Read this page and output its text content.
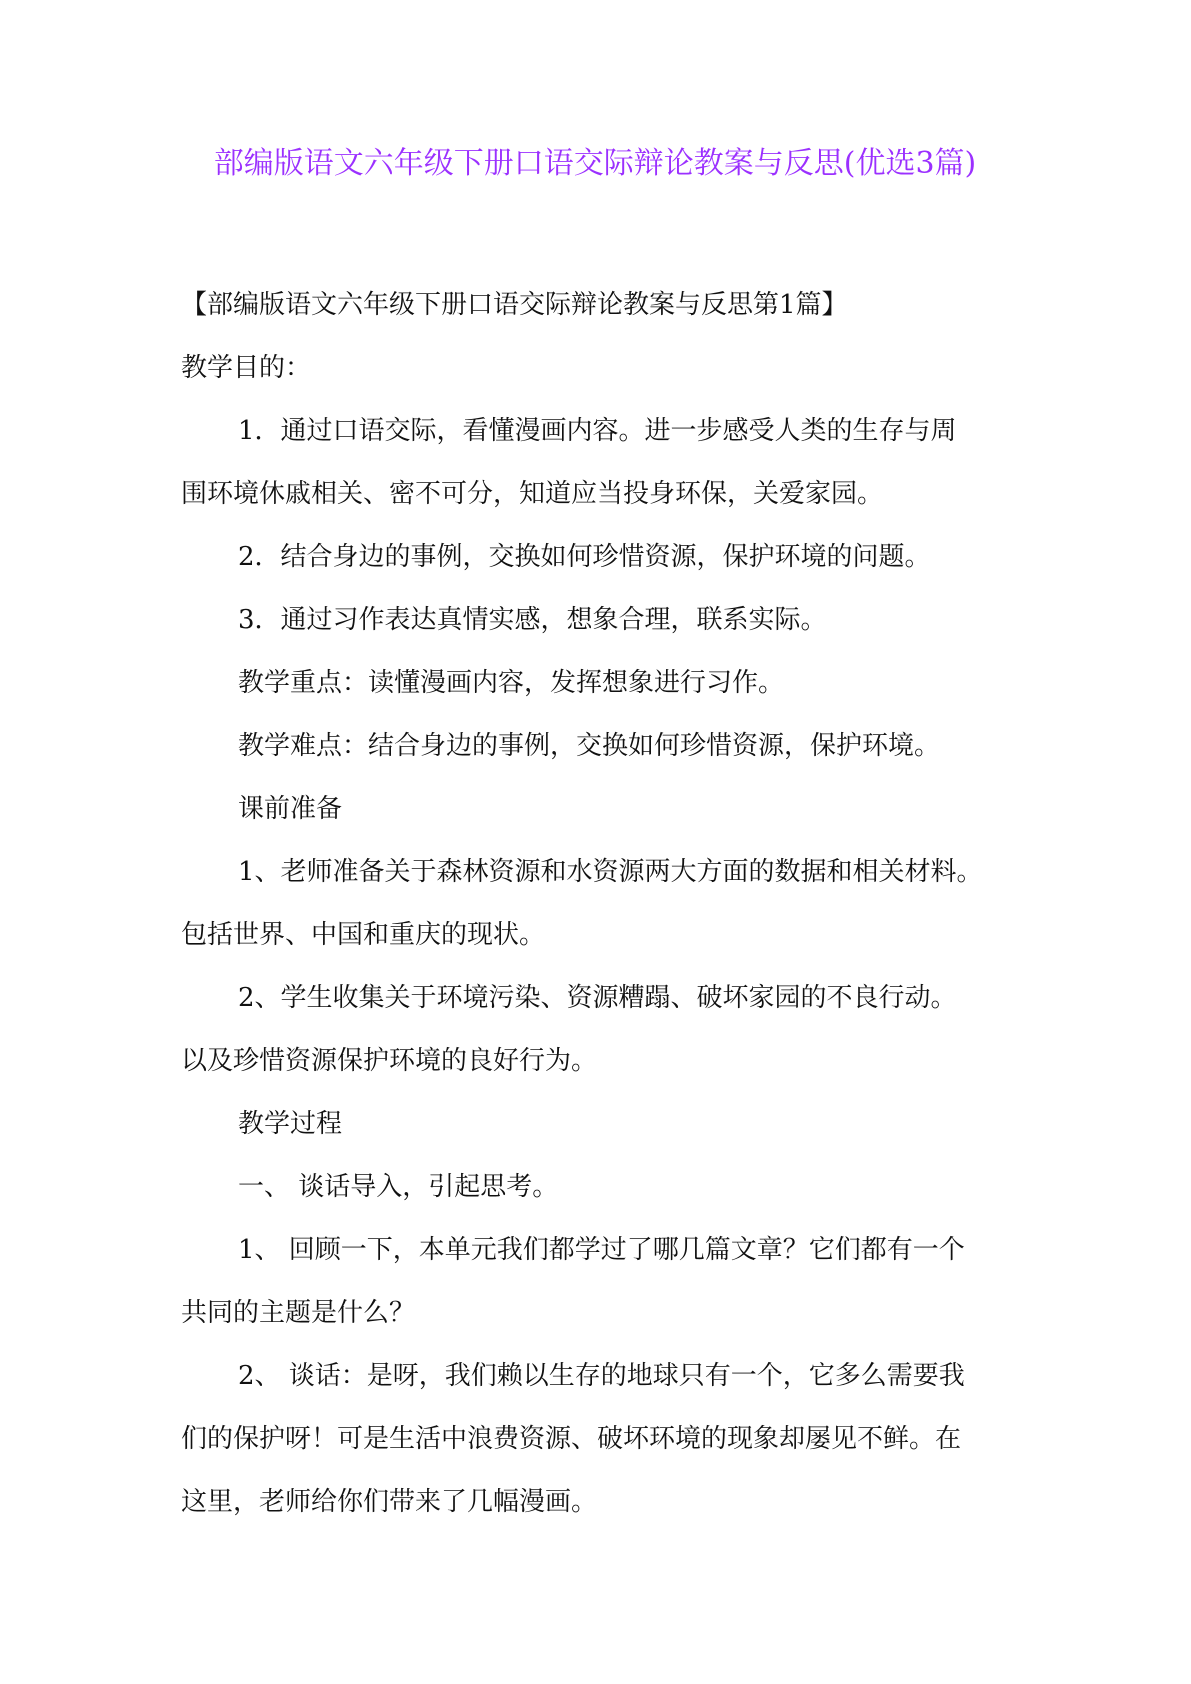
部编版语文六年级下册口语交际辩论教案与反思(优选3篇)
【部编版语文六年级下册口语交际辩论教案与反思第1篇】
教学目的：
1．通过口语交际，看懂漫画内容。进一步感受人类的生存与周
围环境休戚相关、密不可分，知道应当投身环保，关爱家园。
2．结合身边的事例，交换如何珍惜资源，保护环境的问题。
3．通过习作表达真情实感，想象合理，联系实际。
教学重点：读懂漫画内容，发挥想象进行习作。
教学难点：结合身边的事例，交换如何珍惜资源，保护环境。
课前准备
1、老师准备关于森林资源和水资源两大方面的数据和相关材料。
包括世界、中国和重庆的现状。
2、学生收集关于环境污染、资源糟蹋、破坏家园的不良行动。
以及珍惜资源保护环境的良好行为。
教学过程
一、 谈话导入，引起思考。
1、 回顾一下，本单元我们都学过了哪几篇文章？它们都有一个
共同的主题是什么？
2、 谈话：是呀，我们赖以生存的地球只有一个，它多么需要我
们的保护呀！可是生活中浪费资源、破坏环境的现象却屡见不鲜。在
这里，老师给你们带来了几幅漫画。
